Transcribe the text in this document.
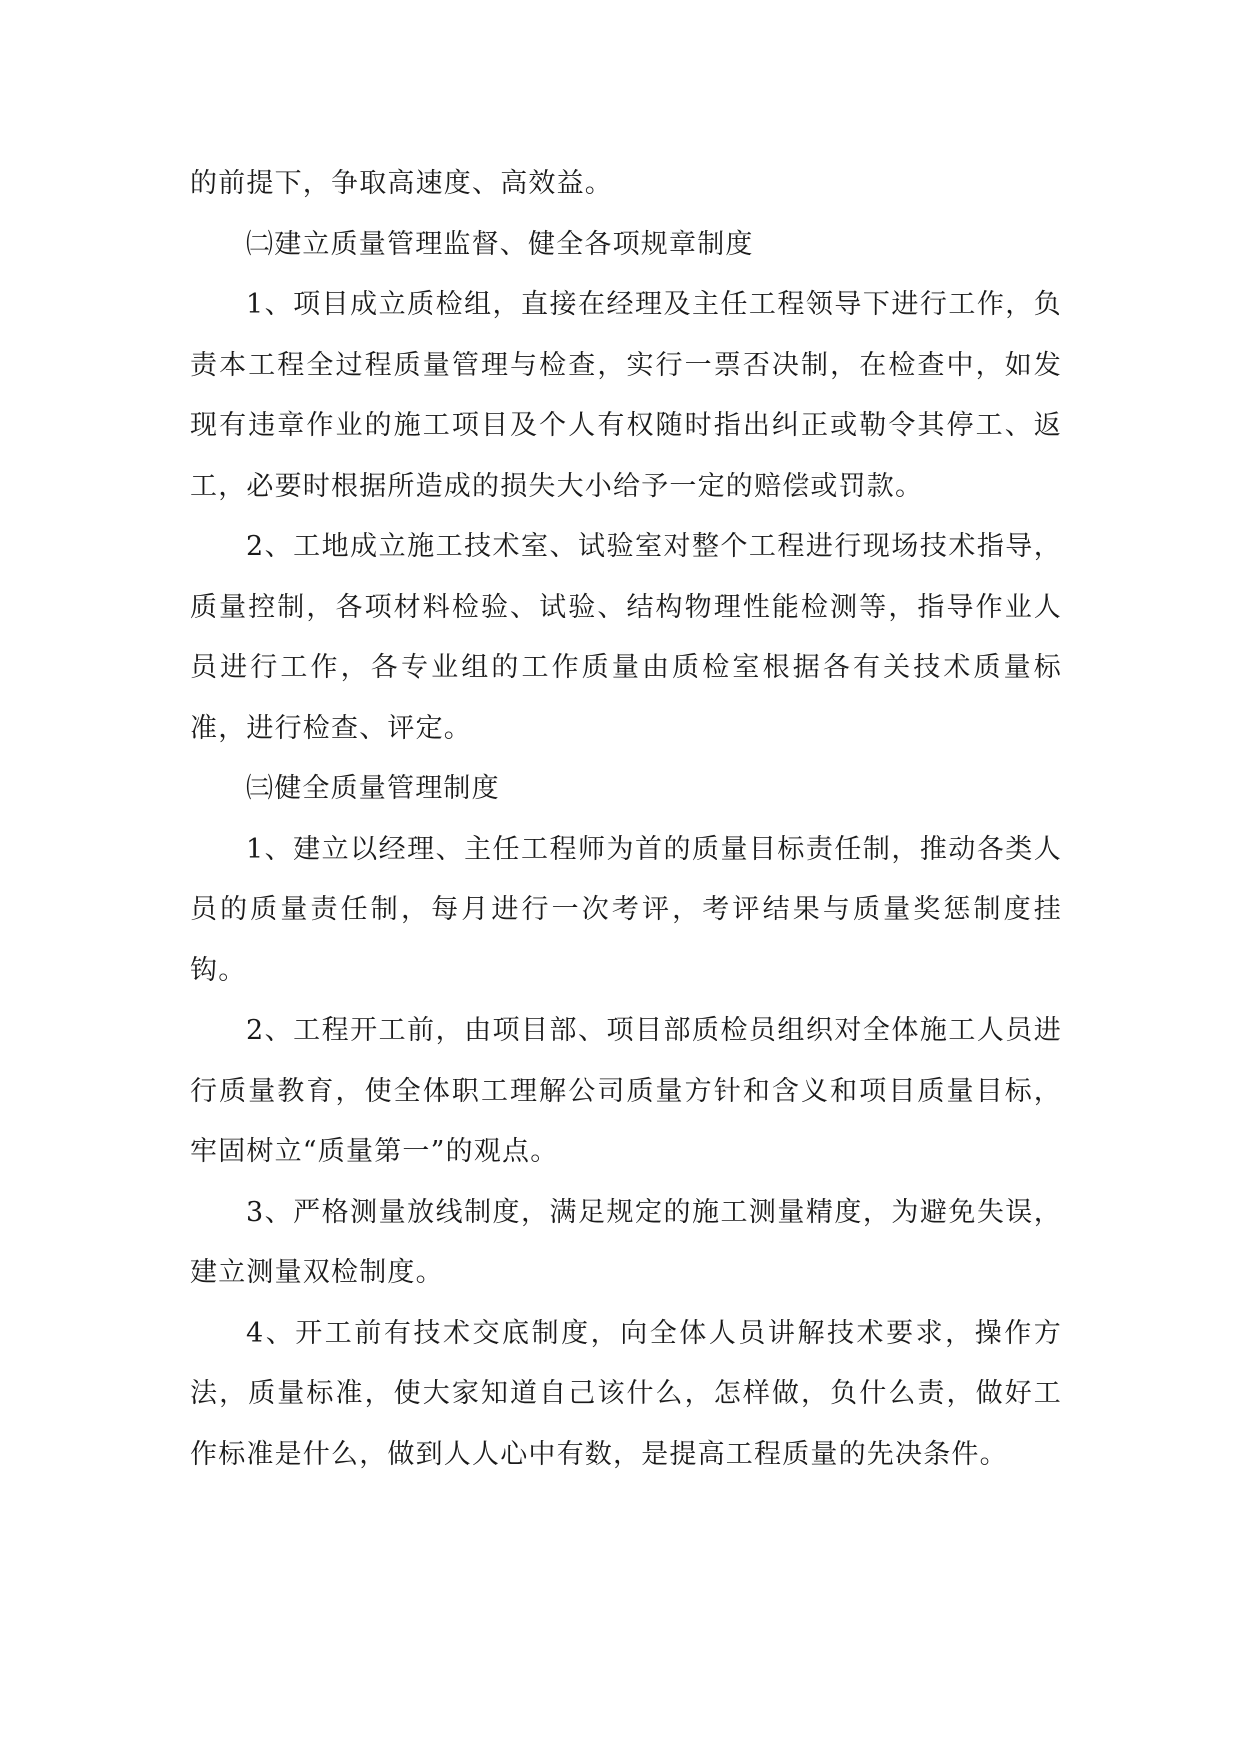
的前提下，争取高速度、高效益。

㈡建立质量管理监督、健全各项规章制度

1、项目成立质检组，直接在经理及主任工程领导下进行工作，负责本工程全过程质量管理与检查，实行一票否决制，在检查中，如发现有违章作业的施工项目及个人有权随时指出纠正或勒令其停工、返工，必要时根据所造成的损失大小给予一定的赔偿或罚款。

2、工地成立施工技术室、试验室对整个工程进行现场技术指导，质量控制，各项材料检验、试验、结构物理性能检测等，指导作业人员进行工作，各专业组的工作质量由质检室根据各有关技术质量标准，进行检查、评定。

㈢健全质量管理制度

1、建立以经理、主任工程师为首的质量目标责任制，推动各类人员的质量责任制，每月进行一次考评，考评结果与质量奖惩制度挂钩。

2、工程开工前，由项目部、项目部质检员组织对全体施工人员进行质量教育，使全体职工理解公司质量方针和含义和项目质量目标，牢固树立“质量第一”的观点。

3、严格测量放线制度，满足规定的施工测量精度，为避免失误，建立测量双检制度。

4、开工前有技术交底制度，向全体人员讲解技术要求，操作方法，质量标准，使大家知道自己该什么，怎样做，负什么责，做好工作标准是什么，做到人人心中有数，是提高工程质量的先决条件。
